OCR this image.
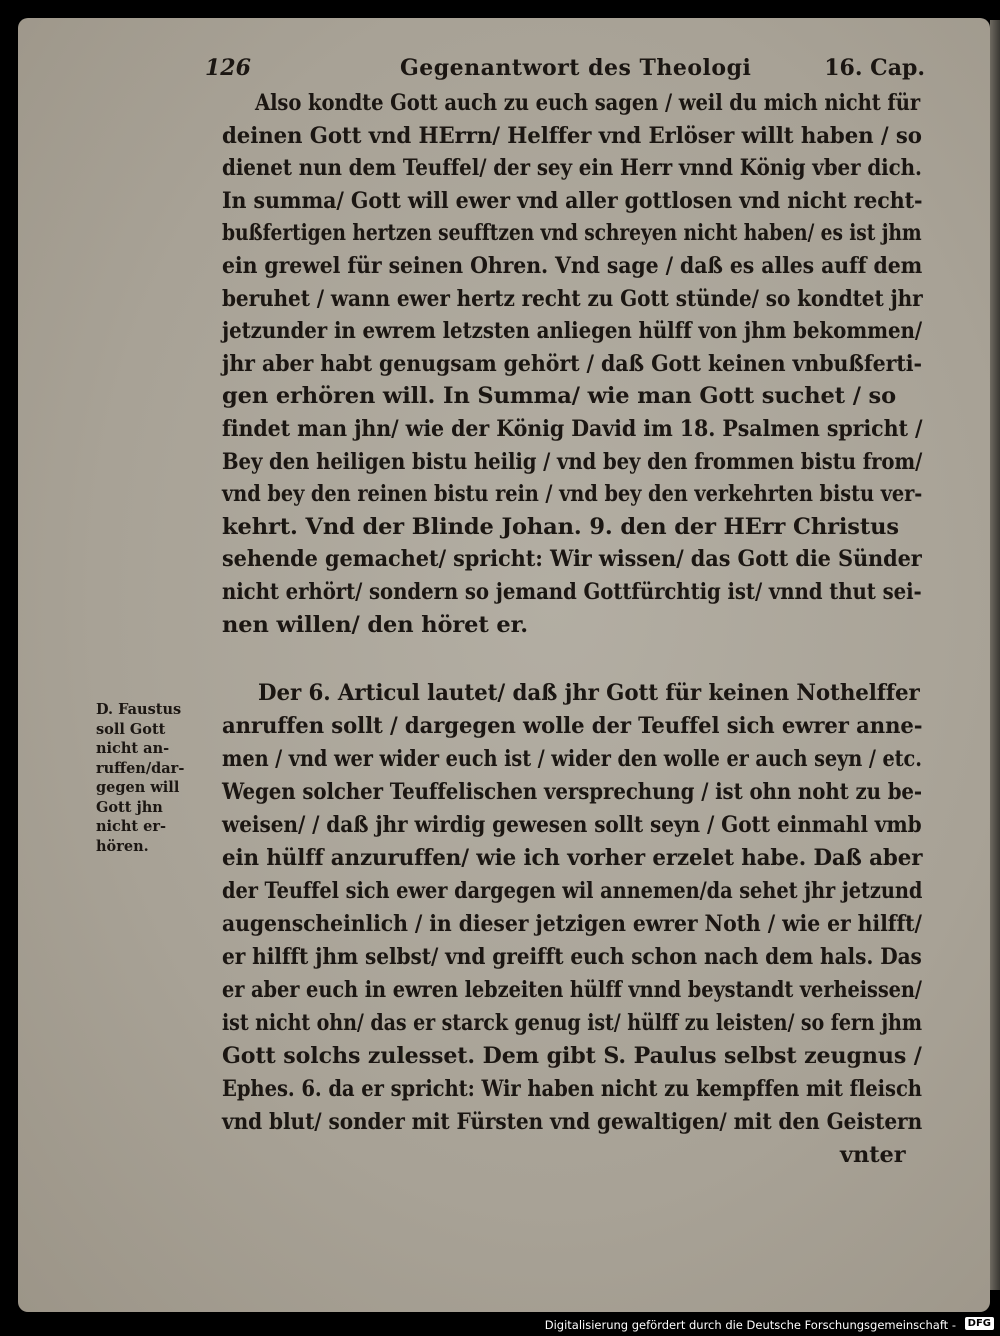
126	Gegenantwort des Theologi	16. Cap.
Also kondte Gott auch zu euch sagen / weil du mich nicht für
deinen Gott vnd HErrn/ Helffer vnd Erlöser willt haben / so
dienet nun dem Teuffel/ der sey ein Herr vnnd König vber dich.
In summa/ Gott will ewer vnd aller gottlosen vnd nicht recht-
bußfertigen hertzen seufftzen vnd schreyen nicht haben/ es ist jhm
ein grewel für seinen Ohren. Vnd sage / daß es alles auff dem
beruhet / wann ewer hertz recht zu Gott stünde/ so kondtet jhr
jetzunder in ewrem letzsten anliegen hülff von jhm bekommen/
jhr aber habt genugsam gehört / daß Gott keinen vnbußferti-
gen erhören will. In Summa/ wie man Gott suchet / so
findet man jhn/ wie der König David im 18. Psalmen spricht /
Bey den heiligen bistu heilig / vnd bey den frommen bistu from/
vnd bey den reinen bistu rein / vnd bey den verkehrten bistu ver-
kehrt. Vnd der Blinde Johan. 9. den der HErr Christus
sehende gemachet/ spricht: Wir wissen/ das Gott die Sünder
nicht erhört/ sondern so jemand Gottfürchtig ist/ vnnd thut sei-
nen willen/ den höret er.
Der 6. Articul lautet/ daß jhr Gott für keinen Nothelffer
anruffen sollt / dargegen wolle der Teuffel sich ewrer anne-
men / vnd wer wider euch ist / wider den wolle er auch seyn / etc.
Wegen solcher Teuffelischen versprechung / ist ohn noht zu be-
weisen/ / daß jhr wirdig gewesen sollt seyn / Gott einmahl vmb
ein hülff anzuruffen/ wie ich vorher erzelet habe. Daß aber
der Teuffel sich ewer dargegen wil annemen/da sehet jhr jetzund
augenscheinlich / in dieser jetzigen ewrer Noth / wie er hilfft/
er hilfft jhm selbst/ vnd greifft euch schon nach dem hals. Das
er aber euch in ewren lebzeiten hülff vnnd beystandt verheissen/
ist nicht ohn/ das er starck genug ist/ hülff zu leisten/ so fern jhm
Gott solchs zulesset. Dem gibt S. Paulus selbst zeugnus /
Ephes. 6. da er spricht: Wir haben nicht zu kempffen mit fleisch
vnd blut/ sonder mit Fürsten vnd gewaltigen/ mit den Geistern
vnter
D. Faustus
soll Gott
nicht an-
ruffen/dar-
gegen will
Gott jhn
nicht er-
hören.
Digitalisierung gefördert durch die Deutsche Forschungsgemeinschaft -	DFG
